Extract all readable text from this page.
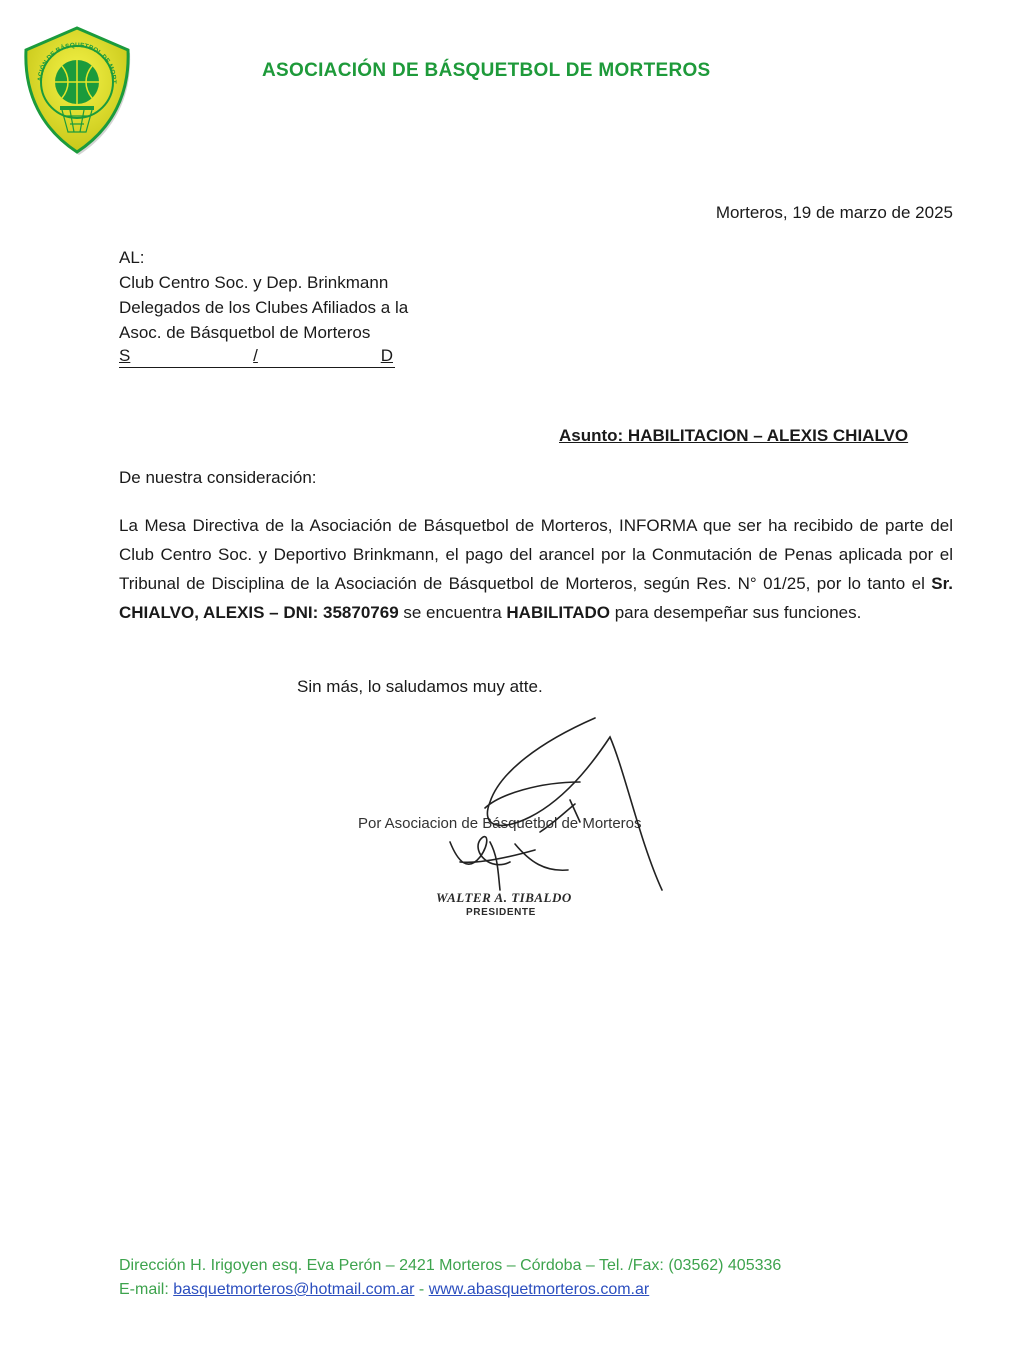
ACIÓN DE BÁSQUETBOL DE MORT
ASOCIACIÓN DE BÁSQUETBOL DE MORTEROS
Morteros, 19 de marzo de 2025
AL:
Club Centro Soc. y Dep. Brinkmann
Delegados de los Clubes Afiliados a la
Asoc. de Básquetbol de Morteros
S	/	D
Asunto: HABILITACION – ALEXIS CHIALVO
De nuestra consideración:
La Mesa Directiva de la Asociación de Básquetbol de Morteros, INFORMA que ser ha recibido de parte del Club Centro Soc. y Deportivo Brinkmann, el pago del arancel por la Conmutación de Penas aplicada por el Tribunal de Disciplina de la Asociación de Básquetbol de Morteros, según Res. N° 01/25, por lo tanto el Sr. CHIALVO, ALEXIS – DNI: 35870769 se encuentra HABILITADO para desempeñar sus funciones.
Sin más, lo saludamos muy atte.
Por Asociacion de Básquetbol de Morteros
WALTER A. TIBALDO
PRESIDENTE
Dirección H. Irigoyen esq. Eva Perón – 2421 Morteros – Córdoba – Tel. /Fax: (03562) 405336
E-mail: basquetmorteros@hotmail.com.ar - www.abasquetmorteros.com.ar
